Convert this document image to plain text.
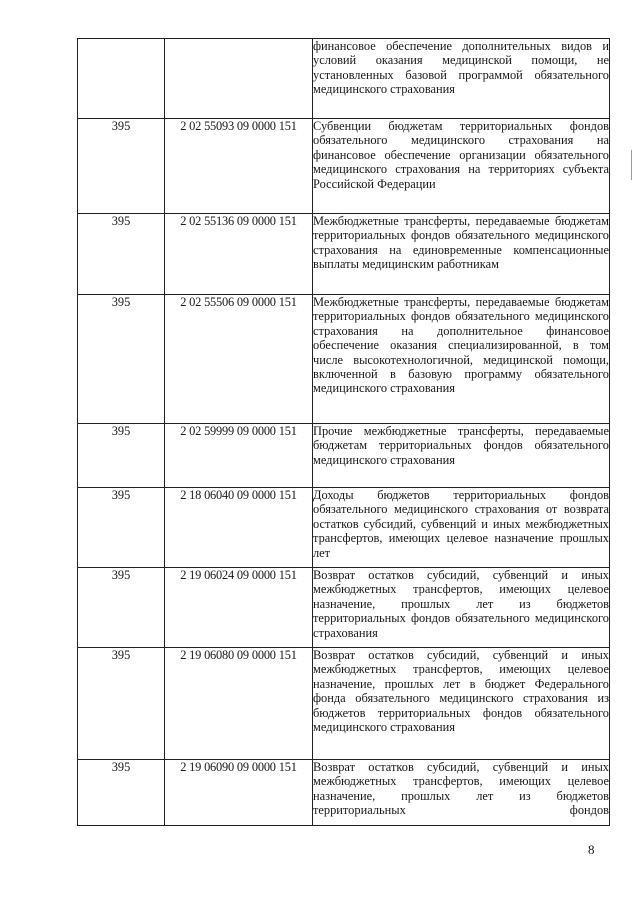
		финансовое обеспечение дополнительных видов и условий оказания медицинской помощи, не установленных базовой программой обязательного медицинского страхования
395	2 02 55093 09 0000 151	Субвенции бюджетам территориальных фондов обязательного медицинского страхования на финансовое обеспечение организации обязательного медицинского страхования на территориях субъекта Российской Федерации
395	2 02 55136 09 0000 151	Межбюджетные трансферты, передаваемые бюджетам территориальных фондов обязательного медицинского страхования на единовременные компенсационные выплаты медицинским работникам
395	2 02 55506 09 0000 151	Межбюджетные трансферты, передаваемые бюджетам территориальных фондов обязательного медицинского страхования на дополнительное финансовое обеспечение оказания специализированной, в том числе высокотехнологичной, медицинской помощи, включенной в базовую программу обязательного медицинского страхования
395	2 02 59999 09 0000 151	Прочие межбюджетные трансферты, передаваемые бюджетам территориальных фондов обязательного медицинского страхования
395	2 18 06040 09 0000 151	Доходы бюджетов территориальных фондов обязательного медицинского страхования от возврата остатков субсидий, субвенций и иных межбюджетных трансфертов, имеющих целевое назначение прошлых лет
395	2 19 06024 09 0000 151	Возврат остатков субсидий, субвенций и иных межбюджетных трансфертов, имеющих целевое назначение, прошлых лет из бюджетов территориальных фондов обязательного медицинского страхования
395	2 19 06080 09 0000 151	Возврат остатков субсидий, субвенций и иных межбюджетных трансфертов, имеющих целевое назначение, прошлых лет в бюджет Федерального фонда обязательного медицинского страхования из бюджетов территориальных фондов обязательного медицинского страхования
395	2 19 06090 09 0000 151	Возврат остатков субсидий, субвенций и иных межбюджетных трансфертов, имеющих целевое назначение, прошлых лет из бюджетов территориальных фондов
8
